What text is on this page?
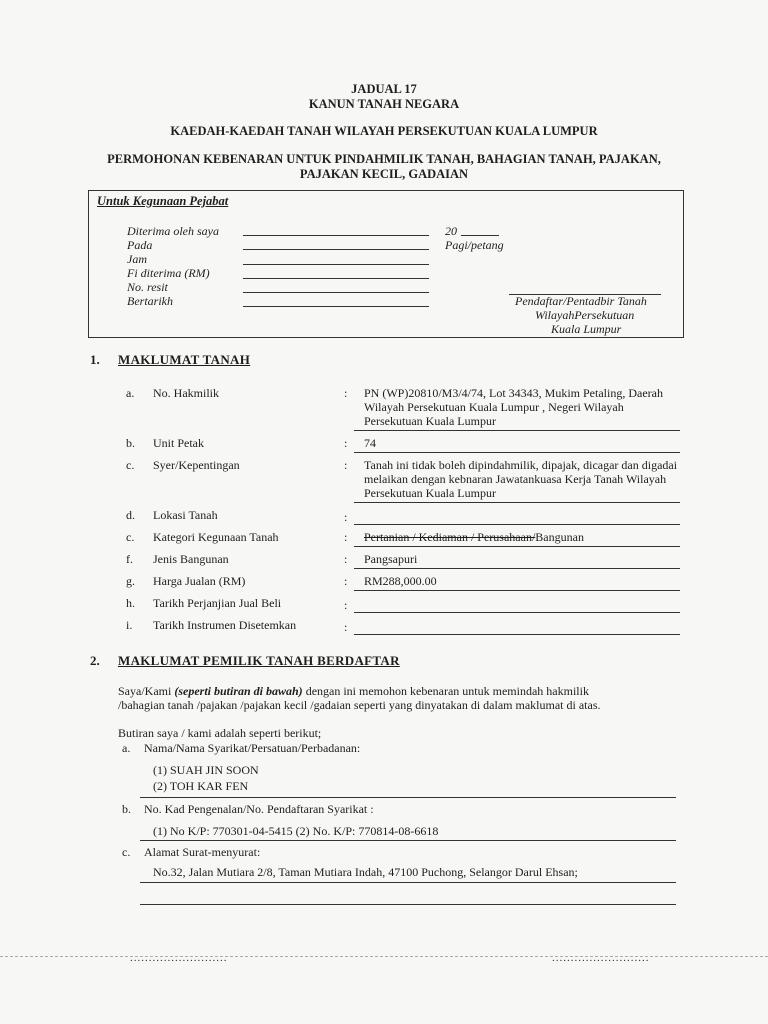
JADUAL 17
KANUN TANAH NEGARA
KAEDAH-KAEDAH TANAH WILAYAH PERSEKUTUAN KUALA LUMPUR
PERMOHONAN KEBENARAN UNTUK PINDAHMILIK TANAH, BAHAGIAN TANAH, PAJAKAN,
PAJAKAN KECIL, GADAIAN
Untuk Kegunaan Pejabat
Diterima oleh saya
Pada
Jam
Fi diterima (RM)
No. resit
Bertarikh
20
Pagi/petang
Pendaftar/Pentadbir Tanah
WilayahPersekutuan
Kuala Lumpur
1. MAKLUMAT TANAH
a. No. Hakmilik	: PN (WP)20810/M3/4/74, Lot 34343, Mukim Petaling, Daerah Wilayah Persekutuan Kuala Lumpur , Negeri Wilayah Persekutuan Kuala Lumpur
b. Unit Petak	: 74
c. Syer/Kepentingan	: Tanah ini tidak boleh dipindahmilik, dipajak, dicagar dan digadai melaikan dengan kebnaran Jawatankuasa Kerja Tanah Wilayah Persekutuan Kuala Lumpur
d. Lokasi Tanah	:
c. Kategori Kegunaan Tanah	: Pertanian / Kediaman / Perusahaan/Bangunan
f. Jenis Bangunan	: Pangsapuri
g. Harga Jualan (RM)	: RM288,000.00
h. Tarikh Perjanjian Jual Beli	:
i. Tarikh Instrumen Disetemkan	:
2. MAKLUMAT PEMILIK TANAH BERDAFTAR
Saya/Kami (seperti butiran di bawah) dengan ini memohon kebenaran untuk memindah hakmilik
/bahagian tanah /pajakan /pajakan kecil /gadaian seperti yang dinyatakan di dalam maklumat di atas.
Butiran saya / kami adalah seperti berikut;
a. Nama/Nama Syarikat/Persatuan/Perbadanan:
(1) SUAH JIN SOON
(2) TOH KAR FEN
b. No. Kad Pengenalan/No. Pendaftaran Syarikat :
(1) No K/P: 770301-04-5415 (2) No. K/P: 770814-08-6618
c. Alamat Surat-menyurat:
No.32, Jalan Mutiara 2/8, Taman Mutiara Indah, 47100 Puchong, Selangor Darul Ehsan;
..........................	..........................
